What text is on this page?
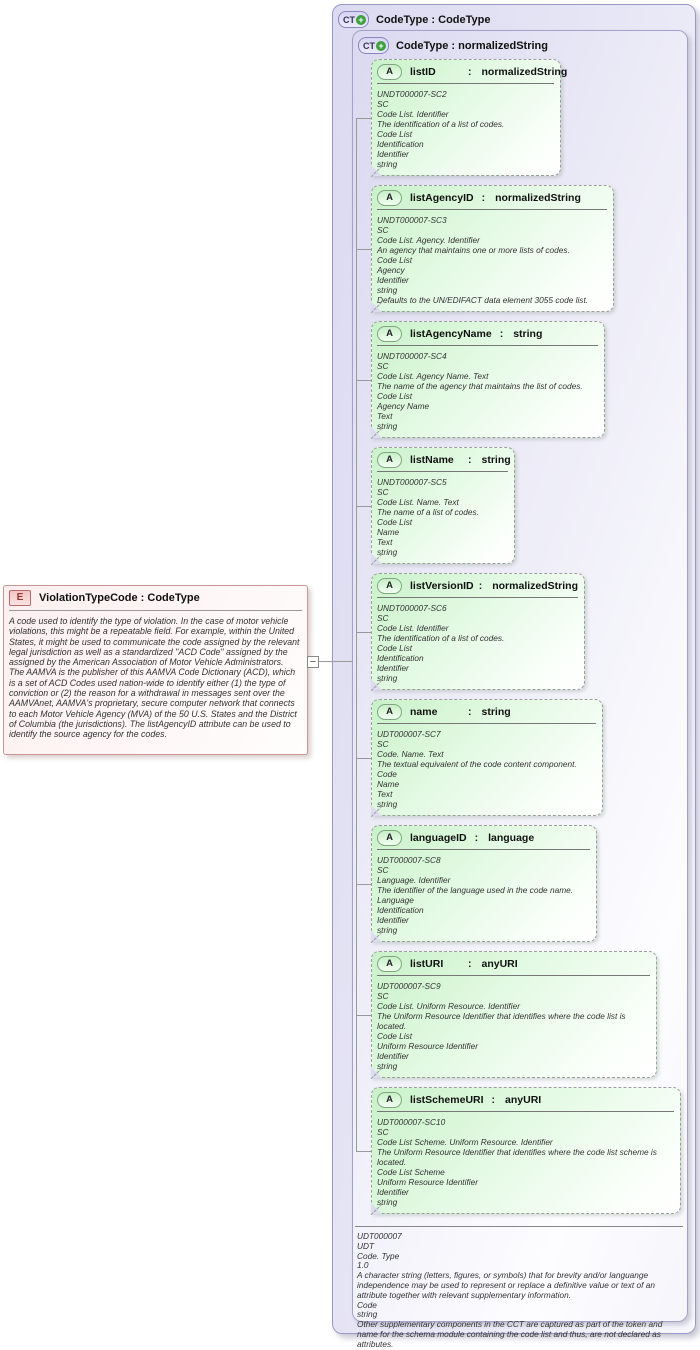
E	ViolationTypeCode : CodeType
A code used to identify the type of violation. In the case of motor vehicle violations, this might be a repeatable field. For example, within the United States, it might be used to communicate the code assigned by the relevant legal jurisdiction as well as a standardized "ACD Code" assigned by the assigned by the American Association of Motor Vehicle Administrators. The AAMVA is the publisher of this AAMVA Code Dictionary (ACD), which is a set of ACD Codes used nation-wide to identify either (1) the type of conviction or (2) the reason for a withdrawal in messages sent over the AAMVAnet, AAMVA's proprietary, secure computer network that connects to each Motor Vehicle Agency (MVA) of the 50 U.S. States and the District of Columbia (the jurisdictions). The listAgencyID attribute can be used to identify the source agency for the codes.
CT + CodeType : CodeType
CT + CodeType : normalizedString
A	listID	: normalizedString
UNDT000007-SC2
SC
Code List. Identifier
The identification of a list of codes.
Code List
Identification
Identifier
string
A	listAgencyID : normalizedString
UNDT000007-SC3
SC
Code List. Agency. Identifier
An agency that maintains one or more lists of codes.
Code List
Agency
Identifier
string
Defaults to the UN/EDIFACT data element 3055 code list.
A	listAgencyName : string
UNDT000007-SC4
SC
Code List. Agency Name. Text
The name of the agency that maintains the list of codes.
Code List
Agency Name
Text
string
A	listName	: string
UNDT000007-SC5
SC
Code List. Name. Text
The name of a list of codes.
Code List
Name
Text
string
A	listVersionID : normalizedString
UNDT000007-SC6
SC
Code List. Identifier
The identification of a list of codes.
Code List
Identification
Identifier
string
A	name	: string
UDT000007-SC7
SC
Code. Name. Text
The textual equivalent of the code content component.
Code
Name
Text
string
A	languageID : language
UDT000007-SC8
SC
Language. Identifier
The identifier of the language used in the code name.
Language
Identification
Identifier
string
A	listURI	: anyURI
UDT000007-SC9
SC
Code List. Uniform Resource. Identifier
The Uniform Resource Identifier that identifies where the code list is located.
Code List
Uniform Resource Identifier
Identifier
string
A	listSchemeURI : anyURI
UDT000007-SC10
SC
Code List Scheme. Uniform Resource. Identifier
The Uniform Resource Identifier that identifies where the code list scheme is located.
Code List Scheme
Uniform Resource Identifier
Identifier
string
UDT000007
UDT
Code. Type
1.0
A character string (letters, figures, or symbols) that for brevity and/or languange independence may be used to represent or replace a definitive value or text of an attribute together with relevant supplementary information.
Code
string
Other supplementary components in the CCT are captured as part of the token and name for the schema module containing the code list and thus, are not declared as attributes.
−
